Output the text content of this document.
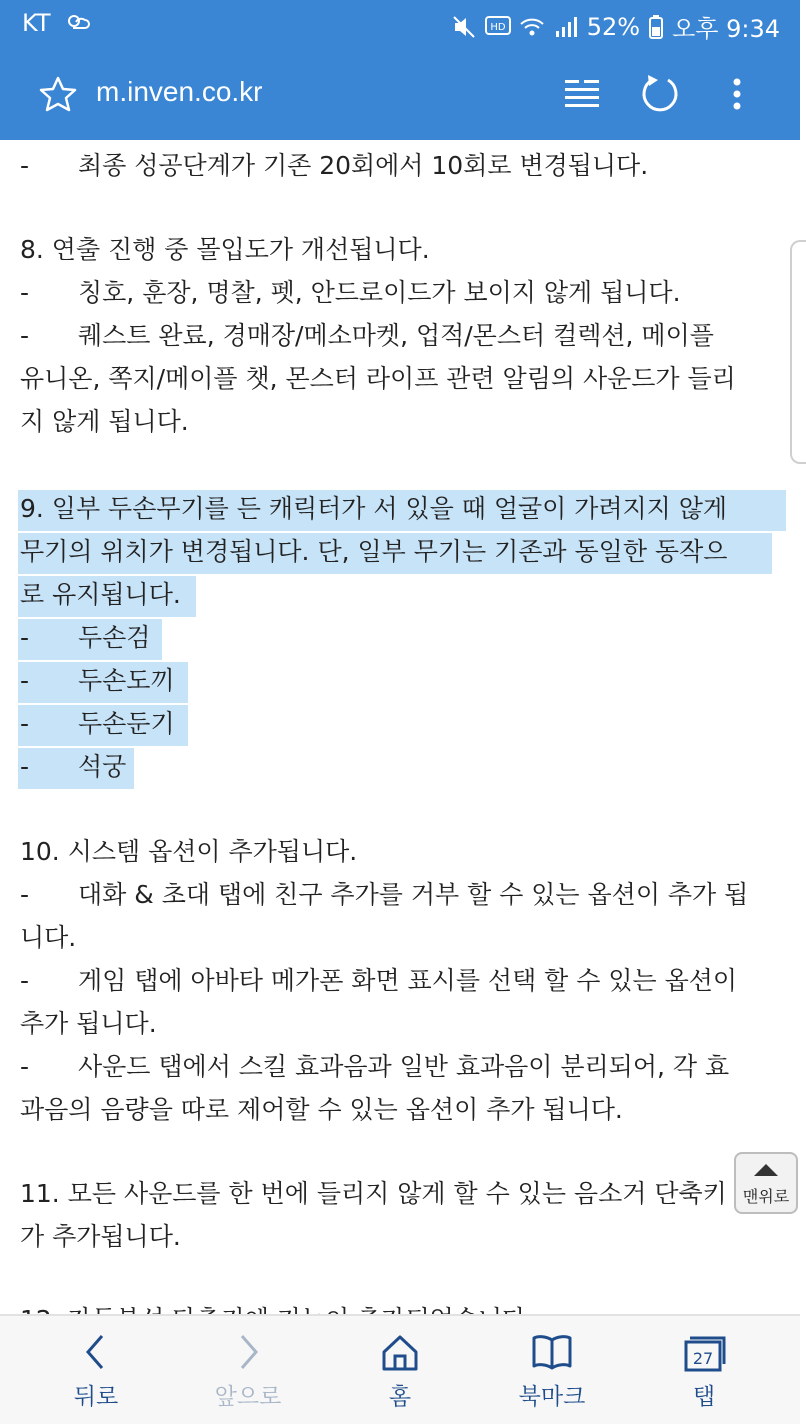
KT	HD	52% 오후 9:34
m.inven.co.kr
- 최종 성공단계가 기존 20회에서 10회로 변경됩니다.
8. 연출 진행 중 몰입도가 개선됩니다.
- 칭호, 훈장, 명찰, 펫, 안드로이드가 보이지 않게 됩니다.
- 퀘스트 완료, 경매장/메소마켓, 업적/몬스터 컬렉션, 메이플
유니온, 쪽지/메이플 챗, 몬스터 라이프 관련 알림의 사운드가 들리
지 않게 됩니다.
9. 일부 두손무기를 든 캐릭터가 서 있을 때 얼굴이 가려지지 않게
무기의 위치가 변경됩니다. 단, 일부 무기는 기존과 동일한 동작으
로 유지됩니다.
- 두손검
- 두손도끼
- 두손둔기
- 석궁
10. 시스템 옵션이 추가됩니다.
- 대화 & 초대 탭에 친구 추가를 거부 할 수 있는 옵션이 추가 됩
니다.
- 게임 탭에 아바타 메가폰 화면 표시를 선택 할 수 있는 옵션이
추가 됩니다.
- 사운드 탭에서 스킬 효과음과 일반 효과음이 분리되어, 각 효
과음의 음량을 따로 제어할 수 있는 옵션이 추가 됩니다.
11. 모든 사운드를 한 번에 들리지 않게 할 수 있는 음소거 단축키
가 추가됩니다.
맨위로
뒤로	앞으로	홈	북마크
27
탭
